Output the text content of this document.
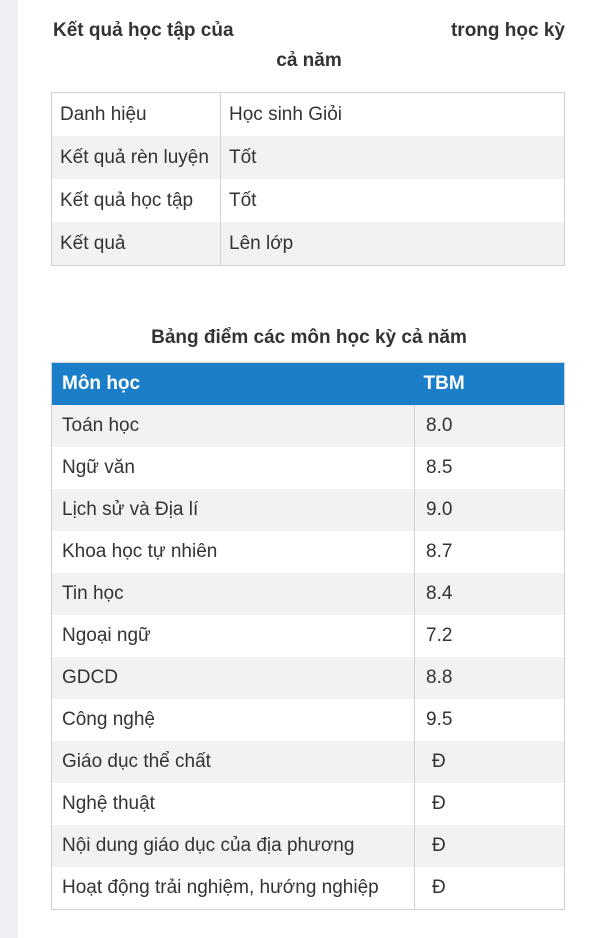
Kết quả học tập của	trong học kỳ
cả năm
Danh hiệu	Học sinh Giỏi
Kết quả rèn luyện	Tốt
Kết quả học tập	Tốt
Kết quả	Lên lớp
Bảng điểm các môn học kỳ cả năm
Môn học	TBM
Toán học	8.0
Ngữ văn	8.5
Lịch sử và Địa lí	9.0
Khoa học tự nhiên	8.7
Tin học	8.4
Ngoại ngữ	7.2
GDCD	8.8
Công nghệ	9.5
Giáo dục thể chất	Đ
Nghệ thuật	Đ
Nội dung giáo dục của địa phương	Đ
Hoạt động trải nghiệm, hướng nghiệp	Đ
